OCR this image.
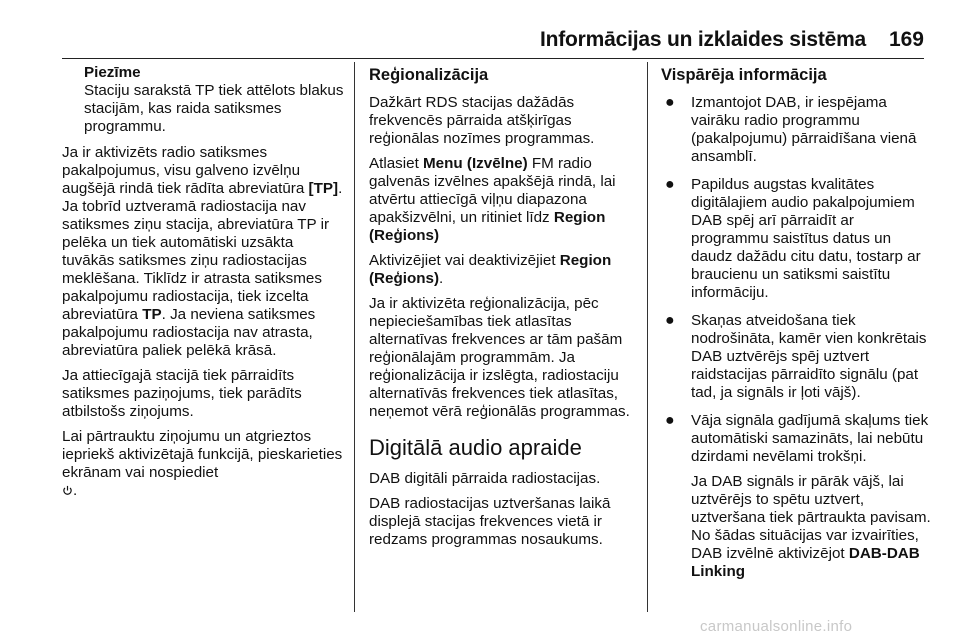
Informācijas un izklaides sistēma 169
Piezīme
Staciju sarakstā TP tiek attēlots blakus stacijām, kas raida satiksmes programmu.

Ja ir aktivizēts radio satiksmes pakalpojumus, visu galveno izvēlņu augšējā rindā tiek rādīta abreviatūra [TP]. Ja tobrīd uztveramā radiostacija nav satiksmes ziņu stacija, abreviatūra TP ir pelēka un tiek automātiski uzsākta tuvākās satiksmes ziņu radiostacijas meklēšana. Tiklīdz ir atrasta satiksmes pakalpojumu radiostacija, tiek izcelta abreviatūra TP. Ja neviena satiksmes pakalpojumu radiostacija nav atrasta, abreviatūra paliek pelēkā krāsā.

Ja attiecīgajā stacijā tiek pārraidīts satiksmes paziņojums, tiek parādīts atbilstošs ziņojums.

Lai pārtrauktu ziņojumu un atgrieztos iepriekš aktivizētajā funkcijā, pieskarieties ekrānam vai nospiediet
.

Reģionalizācija

Dažkārt RDS stacijas dažādās frekvencēs pārraida atšķirīgas reģionālas nozīmes programmas.

Atlasiet Menu (Izvēlne) FM radio galvenās izvēlnes apakšējā rindā, lai atvērtu attiecīgā viļņu diapazona apakšizvēlni, un ritiniet līdz Region (Reģions)

Aktivizējiet vai deaktivizējiet Region (Reģions).

Ja ir aktivizēta reģionalizācija, pēc nepieciešamības tiek atlasītas alternatīvas frekvences ar tām pašām reģionālajām programmām. Ja reģionalizācija ir izslēgta, radiostaciju alternatīvās frekvences tiek atlasītas, neņemot vērā reģionālās programmas.

Digitālā audio apraide

DAB digitāli pārraida radiostacijas.

DAB radiostacijas uztveršanas laikā displejā stacijas frekvences vietā ir redzams programmas nosaukums.

Vispārēja informācija
● Izmantojot DAB, ir iespējama vairāku radio programmu (pakalpojumu) pārraidīšana vienā ansamblī.
● Papildus augstas kvalitātes digitālajiem audio pakalpojumiem DAB spēj arī pārraidīt ar programmu saistītus datus un daudz dažādu citu datu, tostarp ar braucienu un satiksmi saistītu informāciju.
● Skaņas atveidošana tiek nodrošināta, kamēr vien konkrētais DAB uztvērējs spēj uztvert raidstacijas pārraidīto signālu (pat tad, ja signāls ir ļoti vājš).
● Vāja signāla gadījumā skaļums tiek automātiski samazināts, lai nebūtu dzirdami nevēlami trokšņi.
Ja DAB signāls ir pārāk vājš, lai uztvērējs to spētu uztvert, uztveršana tiek pārtraukta pavisam. No šādas situācijas var izvairīties, DAB izvēlnē aktivizējot DAB-DAB Linking
carmanualsonline.info
